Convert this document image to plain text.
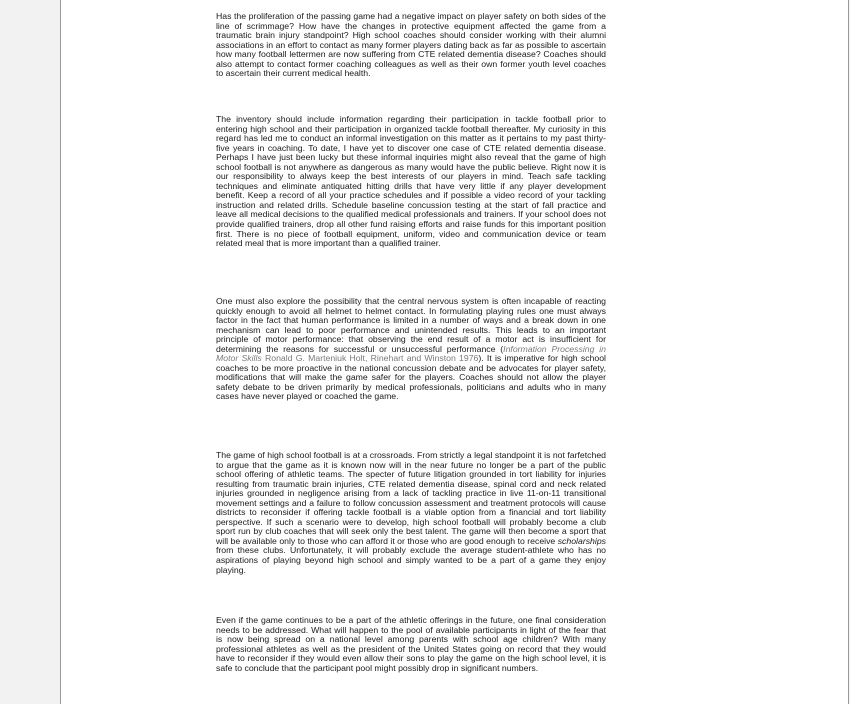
Has the proliferation of the passing game had a negative impact on player safety on both sides of the line of scrimmage? How have the changes in protective equipment affected the game from a traumatic brain injury standpoint? High school coaches should consider working with their alumni associations in an effort to contact as many former players dating back as far as possible to ascertain how many football lettermen are now suffering from CTE related dementia disease? Coaches should also attempt to contact former coaching colleagues as well as their own former youth level coaches to ascertain their current medical health.

The inventory should include information regarding their participation in tackle football prior to entering high school and their participation in organized tackle football thereafter. My curiosity in this regard has led me to conduct an informal investigation on this matter as it pertains to my past thirty-five years in coaching. To date, I have yet to discover one case of CTE related dementia disease. Perhaps I have just been lucky but these informal inquiries might also reveal that the game of high school football is not anywhere as dangerous as many would have the public believe. Right now it is our responsibility to always keep the best interests of our players in mind. Teach safe tackling techniques and eliminate antiquated hitting drills that have very little if any player development benefit. Keep a record of all your practice schedules and if possible a video record of your tackling instruction and related drills. Schedule baseline concussion testing at the start of fall practice and leave all medical decisions to the qualified medical professionals and trainers. If your school does not provide qualified trainers, drop all other fund raising efforts and raise funds for this important position first. There is no piece of football equipment, uniform, video and communication device or team related meal that is more important than a qualified trainer.

One must also explore the possibility that the central nervous system is often incapable of reacting quickly enough to avoid all helmet to helmet contact. In formulating playing rules one must always factor in the fact that human performance is limited in a number of ways and a break down in one mechanism can lead to poor performance and unintended results. This leads to an important principle of motor performance: that observing the end result of a motor act is insufficient for determining the reasons for successful or unsuccessful performance (Information Processing in Motor Skills Ronald G. Marteniuk Holt, Rinehart and Winston 1976). It is imperative for high school coaches to be more proactive in the national concussion debate and be advocates for player safety, modifications that will make the game safer for the players. Coaches should not allow the player safety debate to be driven primarily by medical professionals, politicians and adults who in many cases have never played or coached the game.

The game of high school football is at a crossroads. From strictly a legal standpoint it is not farfetched to argue that the game as it is known now will in the near future no longer be a part of the public school offering of athletic teams. The specter of future litigation grounded in tort liability for injuries resulting from traumatic brain injuries, CTE related dementia disease, spinal cord and neck related injuries grounded in negligence arising from a lack of tackling practice in live 11-on-11 transitional movement settings and a failure to follow concussion assessment and treatment protocols will cause districts to reconsider if offering tackle football is a viable option from a financial and tort liability perspective. If such a scenario were to develop, high school football will probably become a club sport run by club coaches that will seek only the best talent. The game will then become a sport that will be available only to those who can afford it or those who are good enough to receive scholarships from these clubs. Unfortunately, it will probably exclude the average student-athlete who has no aspirations of playing beyond high school and simply wanted to be a part of a game they enjoy playing.

Even if the game continues to be a part of the athletic offerings in the future, one final consideration needs to be addressed. What will happen to the pool of available participants in light of the fear that is now being spread on a national level among parents with school age children? With many professional athletes as well as the president of the United States going on record that they would have to reconsider if they would even allow their sons to play the game on the high school level, it is safe to conclude that the participant pool might possibly drop in significant numbers.
